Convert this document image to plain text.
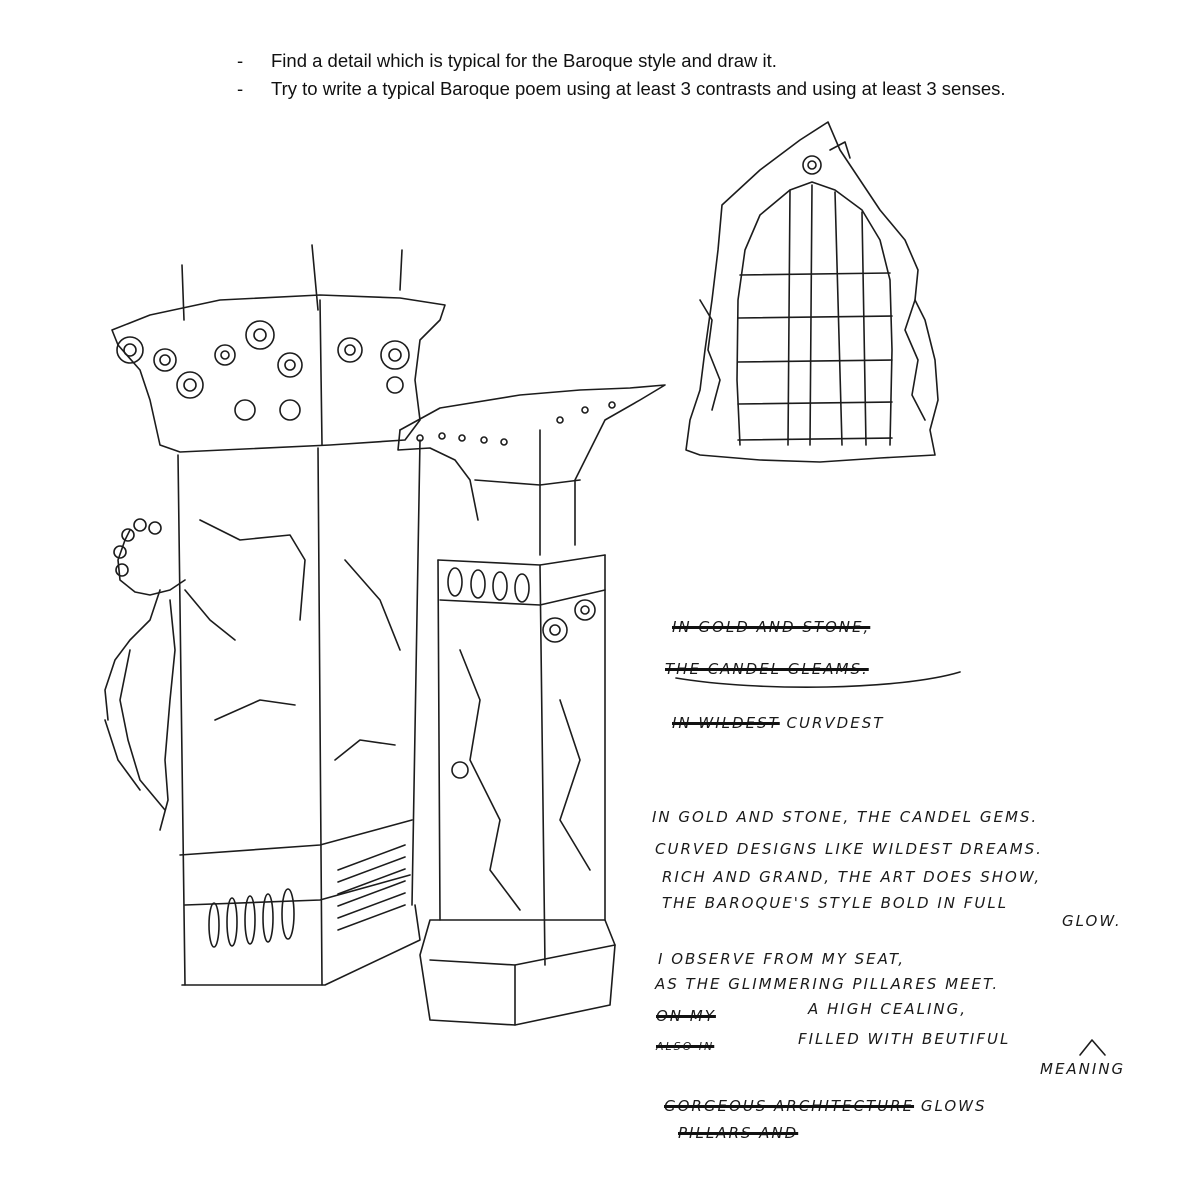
- Find a detail which is typical for the Baroque style and draw it.
- Try to write a typical Baroque poem using at least 3 contrasts and using at least 3 senses.
IN GOLD AND STONE,
THE CANDEL GLEAMS.
IN WILDEST CURVDEST
IN GOLD AND STONE, THE CANDEL GEMS.
CURVED DESIGNS LIKE WILDEST DREAMS.
RICH AND GRAND, THE ART DOES SHOW,
THE BAROQUE'S STYLE BOLD IN FULL
GLOW.
I OBSERVE FROM MY SEAT,
AS THE GLIMMERING PILLARES MEET.
ON MY	A HIGH CEALING,
ALSO IN	FILLED WITH BEUTIFUL
MEANING
GORGEOUS ARCHITECTURE GLOWS
PILLARS AND
